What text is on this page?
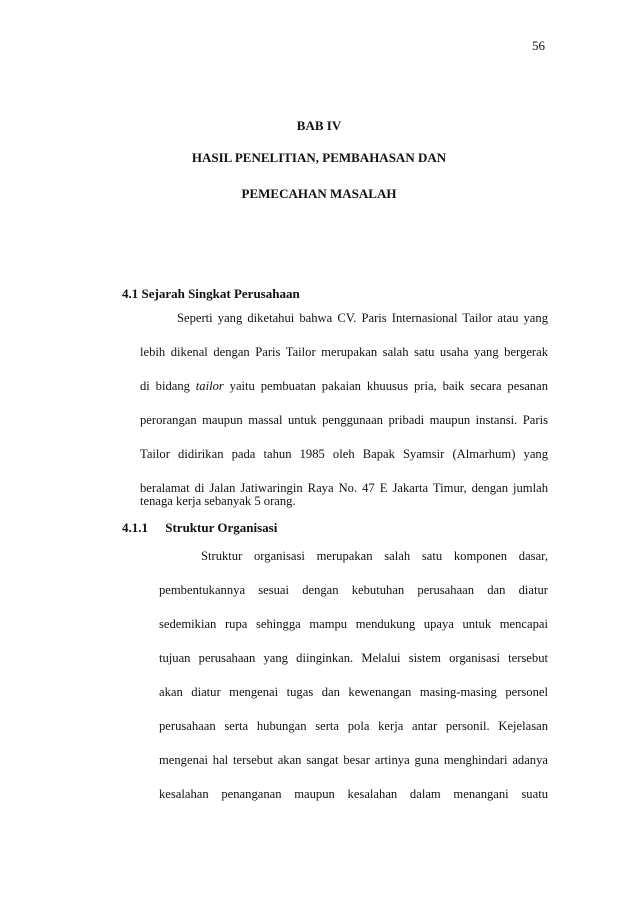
56
BAB IV
HASIL PENELITIAN, PEMBAHASAN DAN
PEMECAHAN MASALAH
4.1 Sejarah Singkat Perusahaan
Seperti yang diketahui bahwa CV. Paris Internasional Tailor atau yang
lebih dikenal dengan Paris Tailor merupakan salah satu usaha yang bergerak
di bidang tailor yaitu pembuatan pakaian khuusus pria, baik secara pesanan
perorangan maupun massal untuk penggunaan pribadi maupun instansi. Paris
Tailor didirikan pada tahun 1985 oleh Bapak Syamsir (Almarhum) yang
beralamat di Jalan Jatiwaringin Raya No. 47 E Jakarta Timur, dengan jumlah
tenaga kerja sebanyak 5 orang.
4.1.1 Struktur Organisasi
Struktur organisasi merupakan salah satu komponen dasar,
pembentukannya sesuai dengan kebutuhan perusahaan dan diatur
sedemikian rupa sehingga mampu mendukung upaya untuk mencapai
tujuan perusahaan yang diinginkan. Melalui sistem organisasi tersebut
akan diatur mengenai tugas dan kewenangan masing-masing personel
perusahaan serta hubungan serta pola kerja antar personil. Kejelasan
mengenai hal tersebut akan sangat besar artinya guna menghindari adanya
kesalahan penanganan maupun kesalahan dalam menangani suatu
